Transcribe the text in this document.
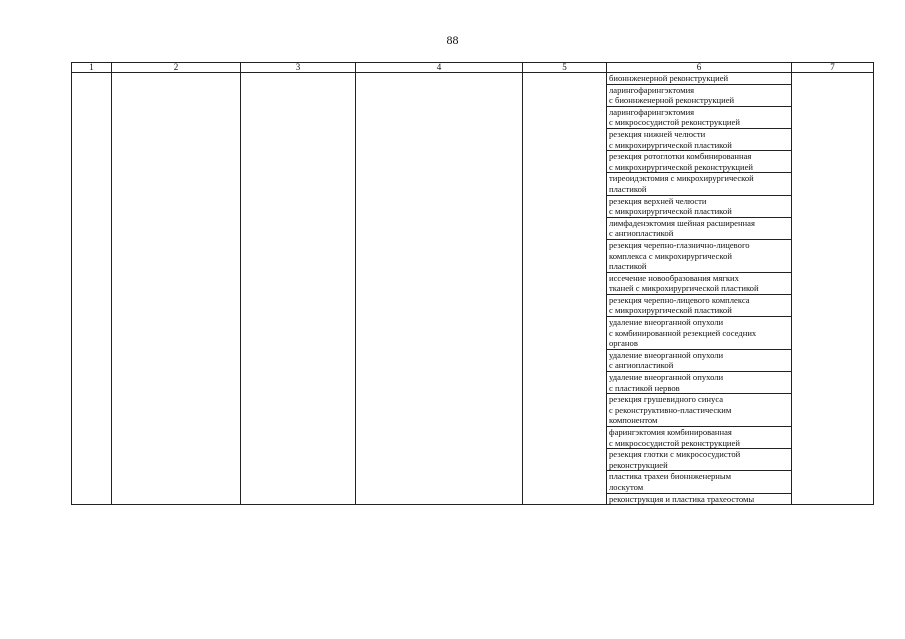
88
1	2	3	4	5	6	7

					бионнженерной реконструкцией	

					ларингофарингэктомия
с бионнженерной реконструкцией	

					ларингофарингэктомия
с микрососудистой реконструкцией	

					резекция нижней челюсти
с микрохирургической пластикой	

					резекция ротоглотки комбинированная
с микрохирургической реконструкцией	

					тиреоидэктомия с микрохирургической
пластикой	

					резекция верхней челюсти
с микрохирургической пластикой	

					лимфаденэктомия шейная расширенная
с ангиопластикой	

					резекция черепно-глазнично-лицевого
комплекса с микрохирургической
пластикой	

					иссечение новообразования мягких
тканей с микрохирургической пластикой	

					резекция черепно-лицевого комплекса
с микрохирургической пластикой	

					удаление внеорганной опухоли
с комбинированной резекцией соседних
органов	

					удаление внеорганной опухоли
с ангиопластикой	

					удаление внеорганной опухоли
с пластикой нервов	

					резекция грушевидного синуса
с реконструктивно-пластическим
компонентом	

					фарингэктомия комбинированная
с микрососудистой реконструкцией	

					резекция глотки с микрососудистой
реконструкцией	

					пластика трахеи бионнженерным
лоскутом	

					реконструкция и пластика трахеостомы	
